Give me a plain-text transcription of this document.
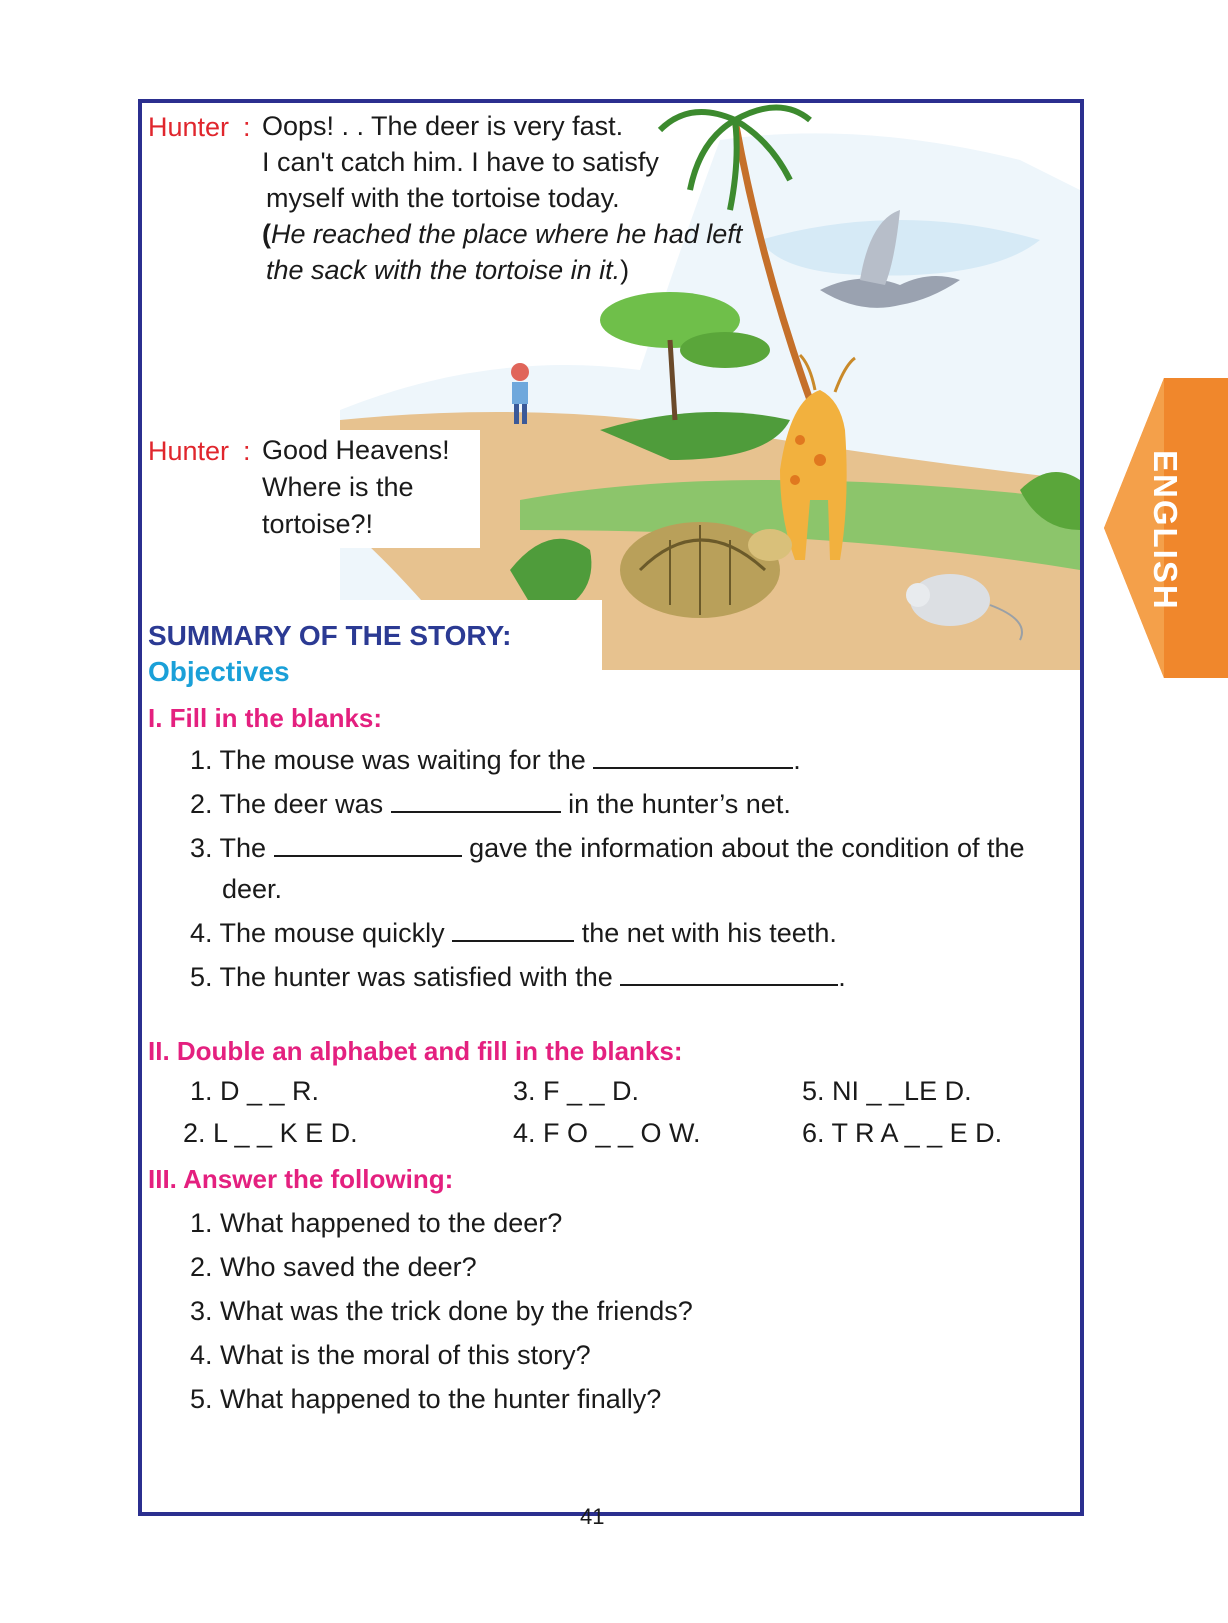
Hunter : Oops! . . The deer is very fast.
I can't catch him. I have to satisfy
myself with the tortoise today.
(He reached the place where he had left
the sack with the tortoise in it.)
Hunter : Good Heavens!
Where is the
tortoise?!	ENGLISH
SUMMARY OF THE STORY:
Objectives
I. Fill in the blanks:
1. The mouse was waiting for the	.
2. The deer was	in the hunter’s net.
3. The	gave the information about the condition of the
deer.
4. The mouse quickly	the net with his teeth.
5. The hunter was satisfied with the	.
II. Double an alphabet and fill in the blanks:
1. D _ _ R.	3. F _ _ D.	5. NI _ _LE D.
2. L _ _ K E D.	4. F O _ _ O W.	6. T R A _ _ E D.
III. Answer the following:
1. What happened to the deer?
2. Who saved the deer?
3. What was the trick done by the friends?
4. What is the moral of this story?
5. What happened to the hunter finally?
41
